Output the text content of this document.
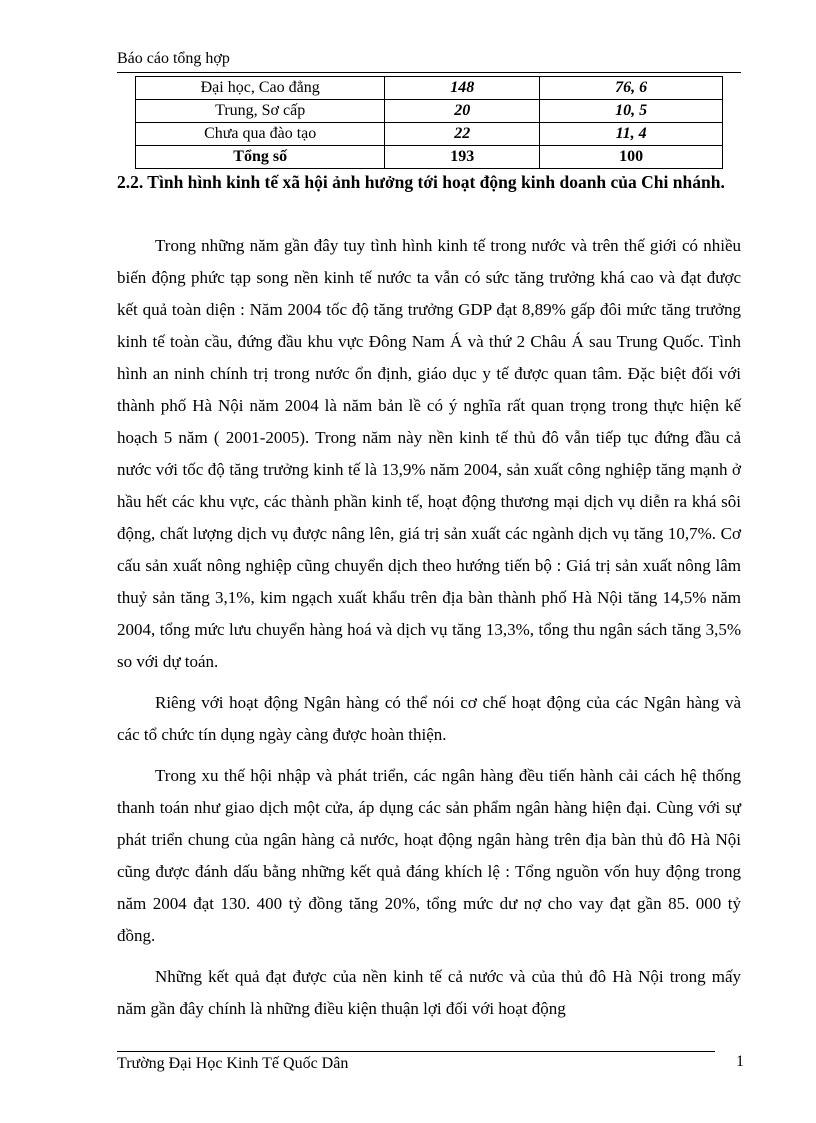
Báo cáo tổng hợp
Đại học, Cao đẳng	148	76, 6
Trung, Sơ cấp	20	10, 5
Chưa qua đào tạo	22	11, 4
Tổng số	193	100
2.2. Tình hình kinh tế xã hội ảnh hưởng tới hoạt động kinh doanh của Chi nhánh.

Trong những năm gần đây tuy tình hình kinh tế trong nước và trên thế giới có nhiều biến động phức tạp song nền kinh tế nước ta vẫn có sức tăng trưởng khá cao và đạt được kết quả toàn diện : Năm 2004 tốc độ tăng trưởng GDP đạt 8,89% gấp đôi mức tăng trưởng kinh tế toàn cầu, đứng đầu khu vực Đông Nam Á và thứ 2 Châu Á sau Trung Quốc. Tình hình an ninh chính trị trong nước ổn định, giáo dục y tế được quan tâm. Đặc biệt đối với thành phố Hà Nội năm 2004 là năm bản lề có ý nghĩa rất quan trọng trong thực hiện kế hoạch 5 năm ( 2001-2005). Trong năm này nền kinh tế thủ đô vẫn tiếp tục đứng đầu cả nước với tốc độ tăng trưởng kinh tế là 13,9% năm 2004, sản xuất công nghiệp tăng mạnh ở hầu hết các khu vực, các thành phần kinh tế, hoạt động thương mại dịch vụ diễn ra khá sôi động, chất lượng dịch vụ được nâng lên, giá trị sản xuất các ngành dịch vụ tăng 10,7%. Cơ cấu sản xuất nông nghiệp cũng chuyển dịch theo hướng tiến bộ : Giá trị sản xuất nông lâm thuỷ sản tăng 3,1%, kim ngạch xuất khẩu trên địa bàn thành phố Hà Nội tăng 14,5% năm 2004, tổng mức lưu chuyển hàng hoá và dịch vụ tăng 13,3%, tổng thu ngân sách tăng 3,5% so với dự toán.

Riêng với hoạt động Ngân hàng có thể nói cơ chế hoạt động của các Ngân hàng và các tổ chức tín dụng ngày càng được hoàn thiện.

Trong xu thế hội nhập và phát triển, các ngân hàng đều tiến hành cải cách hệ thống thanh toán như giao dịch một cửa, áp dụng các sản phẩm ngân hàng hiện đại. Cùng với sự phát triển chung của ngân hàng cả nước, hoạt động ngân hàng trên địa bàn thủ đô Hà Nội cũng được đánh dấu bằng những kết quả đáng khích lệ : Tổng nguồn vốn huy động trong năm 2004 đạt 130. 400 tỷ đồng tăng 20%, tổng mức dư nợ cho vay đạt gần 85. 000 tỷ đồng.

Những kết quả đạt được của nền kinh tế cả nước và của thủ đô Hà Nội trong mấy năm gần đây chính là những điều kiện thuận lợi đối với hoạt động

Trường Đại Học Kinh Tế Quốc Dân	1
